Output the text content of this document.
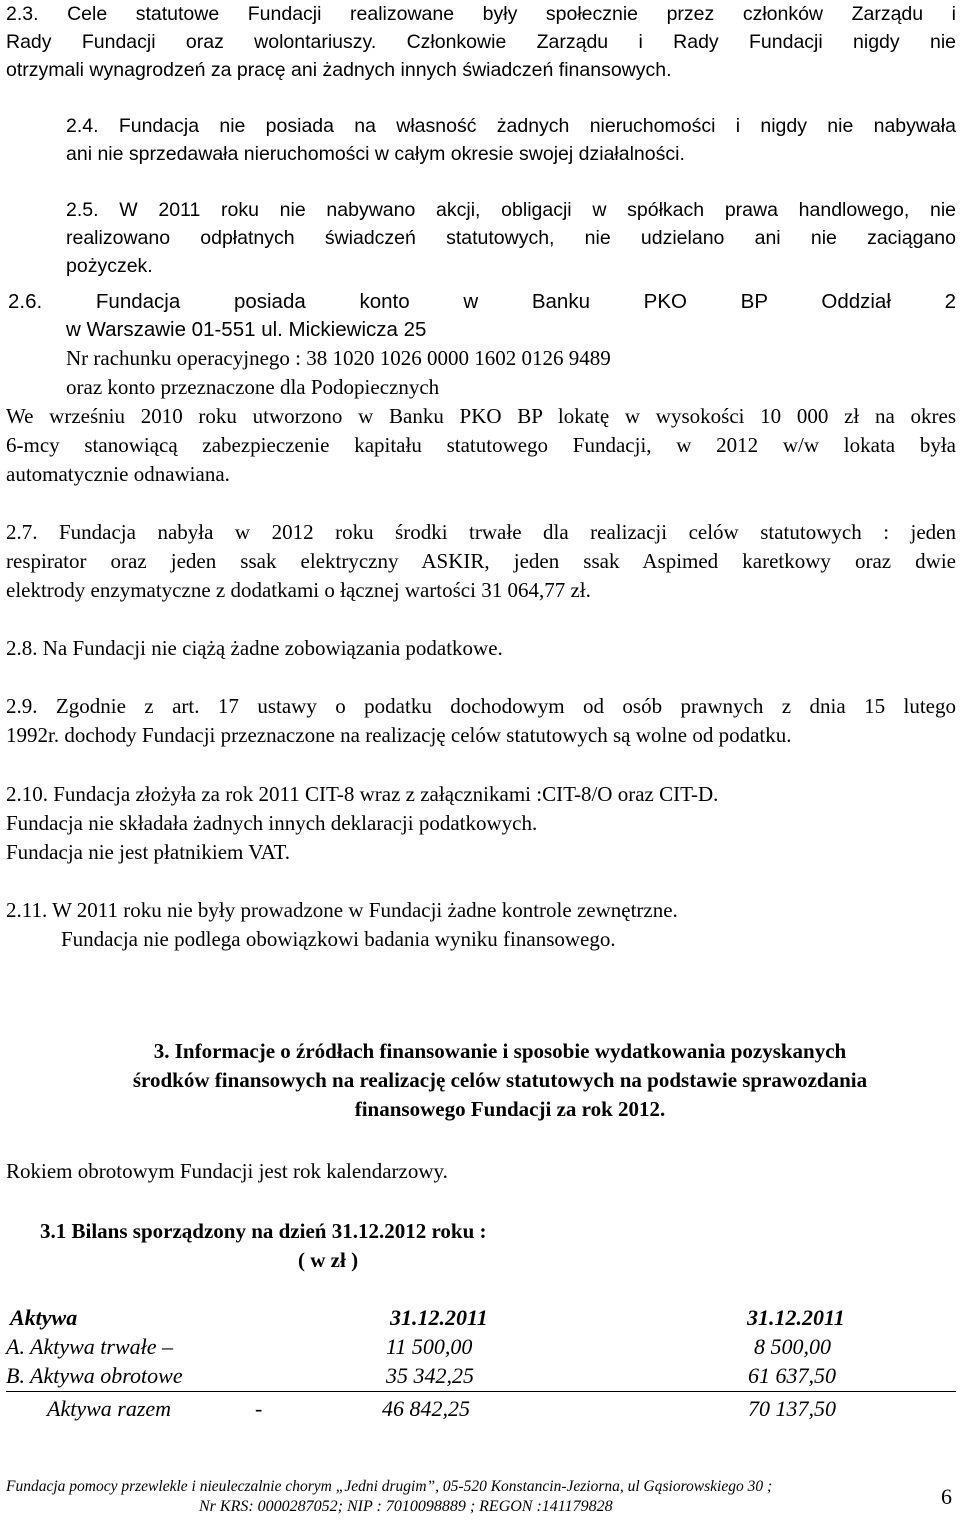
2.3. Cele statutowe Fundacji realizowane były społecznie przez członków Zarządu i
Rady Fundacji oraz wolontariuszy. Członkowie Zarządu i Rady Fundacji nigdy nie
otrzymali wynagrodzeń za pracę ani żadnych innych świadczeń finansowych.
2.4. Fundacja nie posiada na własność żadnych nieruchomości i nigdy nie nabywała
ani nie sprzedawała nieruchomości w całym okresie swojej działalności.
2.5. W 2011 roku nie nabywano akcji, obligacji w spółkach prawa handlowego, nie
realizowano odpłatnych świadczeń statutowych, nie udzielano ani nie zaciągano
pożyczek.
2.6. Fundacja posiada konto w Banku PKO BP Oddział 2
w Warszawie 01-551 ul. Mickiewicza 25
Nr rachunku operacyjnego : 38 1020 1026 0000 1602 0126 9489
oraz konto przeznaczone dla Podopiecznych
We wrześniu 2010 roku utworzono w Banku PKO BP lokatę w wysokości 10 000 zł na okres
6-mcy stanowiącą zabezpieczenie kapitału statutowego Fundacji, w 2012 w/w lokata była
automatycznie odnawiana.
2.7. Fundacja nabyła w 2012 roku środki trwałe dla realizacji celów statutowych : jeden
respirator oraz jeden ssak elektryczny ASKIR, jeden ssak Aspimed karetkowy oraz dwie
elektrody enzymatyczne z dodatkami o łącznej wartości 31 064,77 zł.
2.8. Na Fundacji nie ciążą żadne zobowiązania podatkowe.
2.9. Zgodnie z art. 17 ustawy o podatku dochodowym od osób prawnych z dnia 15 lutego
1992r. dochody Fundacji przeznaczone na realizację celów statutowych są wolne od podatku.
2.10. Fundacja złożyła za rok 2011 CIT-8 wraz z załącznikami :CIT-8/O oraz CIT-D.
Fundacja nie składała żadnych innych deklaracji podatkowych.
Fundacja nie jest płatnikiem VAT.
2.11. W 2011 roku nie były prowadzone w Fundacji żadne kontrole zewnętrzne.
Fundacja nie podlega obowiązkowi badania wyniku finansowego.
3. Informacje o źródłach finansowanie i sposobie wydatkowania pozyskanych
środków finansowych na realizację celów statutowych na podstawie sprawozdania
finansowego Fundacji za rok 2012.
Rokiem obrotowym Fundacji jest rok kalendarzowy.
3.1 Bilans sporządzony na dzień 31.12.2012 roku :
( w zł )
Aktywa	31.12.2011	31.12.2011
A. Aktywa trwałe –	11 500,00	8 500,00
B. Aktywa obrotowe	35 342,25	61 637,50
Aktywa razem	-	46 842,25	70 137,50
Fundacja pomocy przewlekle i nieuleczalnie chorym „Jedni drugim”, 05-520 Konstancin-Jeziorna, ul Gąsiorowskiego 30 ;
Nr KRS: 0000287052; NIP : 7010098889 ; REGON :141179828	6
